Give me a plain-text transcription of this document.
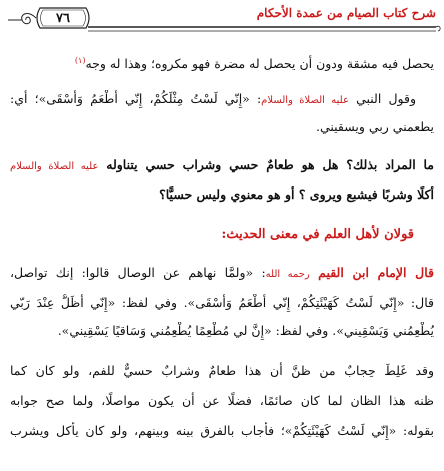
شرح كتاب الصيام من عمدة الأحكام
٧٦
يحصل فيه مشقة ودون أن يحصل له مضرة فهو مكروه؛ وهذا له وجه$^{(١)}$
وقول النبي عليه الصلاة والسلام: «إِنّي لَسْتُ مِثْلَكُمْ، إِنّي أُطْعَمُ وَأُسْقَى»؛ أي:
يطعمني ربي ويسقيني.
ما المراد بذلك؟ هل هو طعامٌ حسي وشراب حسي يتناوله عليه الصلاة والسلام
أكلًا وشربًا فيشبع ويروى ؟ أو هو معنوي وليس حسيًّا؟
قولان لأهل العلم في معنى الحديث:
قال الإمام ابن القيم رحمه الله: «ولمَّا نهاهم عن الوصال قالوا: إنك تواصل،
قال: «إِنّي لَسْتُ كَهَيْئَتِكُمْ، إِنّي أُطْعَمُ وَأُسْقَى». وفي لفظ: «إِنّي أَظَلُّ عِنْدَ رَبّي
يُطْعِمُني وَيَسْقِيني». وفي لفظ: «إِنَّ لي مُطْعِمًا يُطْعِمُني وَسَاقيًا يَسْقِيني».
وقد غَلِطَ حِجابٌ من ظنَّ أن هذا طعامٌ وشرابٌ حسيٌّ للفم، ولو كان كما
ظنه هذا الظان لما كان صائمًا، فضلًا عن أن يكون مواصلًا، ولما صح جوابه
بقوله: «إِنّي لَسْتُ كَهَيْئَتِكُمْ»؛ فأجاب بالفرق بينه وبينهم، ولو كان يأكل ويشرب
